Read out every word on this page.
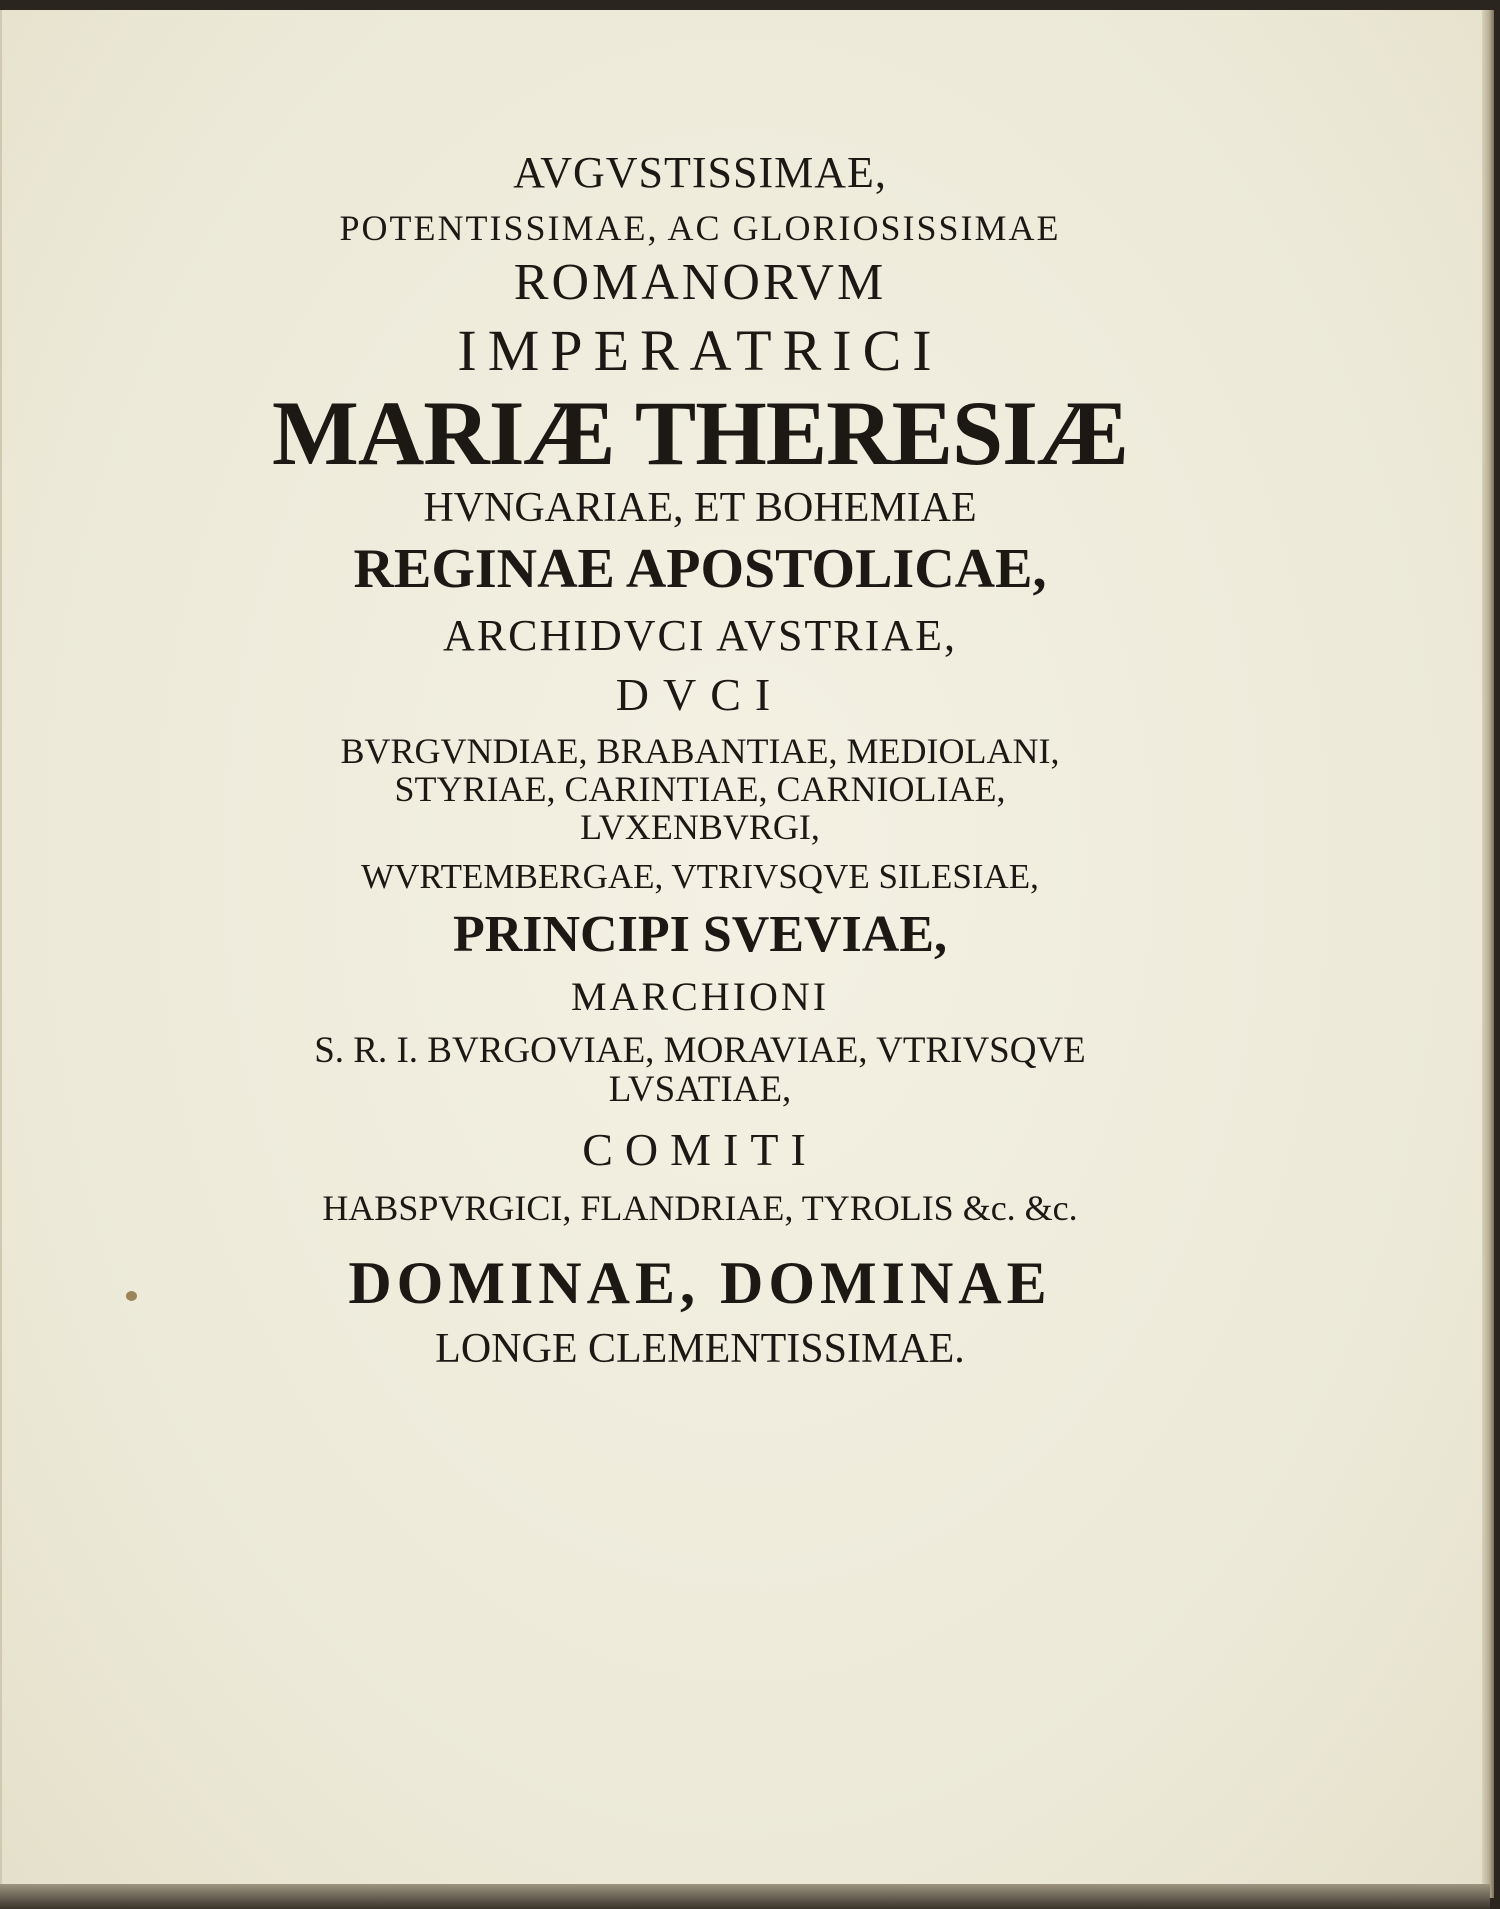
AVGVSTISSIMAE,
POTENTISSIMAE, AC GLORIOSISSIMAE
ROMANORVM
IMPERATRICI
MARIÆ THERESIÆ
HVNGARIAE, ET BOHEMIAE
REGINAE APOSTOLICAE,
ARCHIDVCI AVSTRIAE,
DVCI
BVRGVNDIAE, BRABANTIAE, MEDIOLANI,
STYRIAE, CARINTIAE, CARNIOLIAE,
LVXENBVRGI,
WVRTEMBERGAE, VTRIVSQVE SILESIAE,
PRINCIPI SVEVIAE,
MARCHIONI
S. R. I. BVRGOVIAE, MORAVIAE, VTRIVSQVE
LVSATIAE,
COMITI
HABSPVRGICI, FLANDRIAE, TYROLIS &c. &c.
DOMINAE, DOMINAE
LONGE CLEMENTISSIMAE.
